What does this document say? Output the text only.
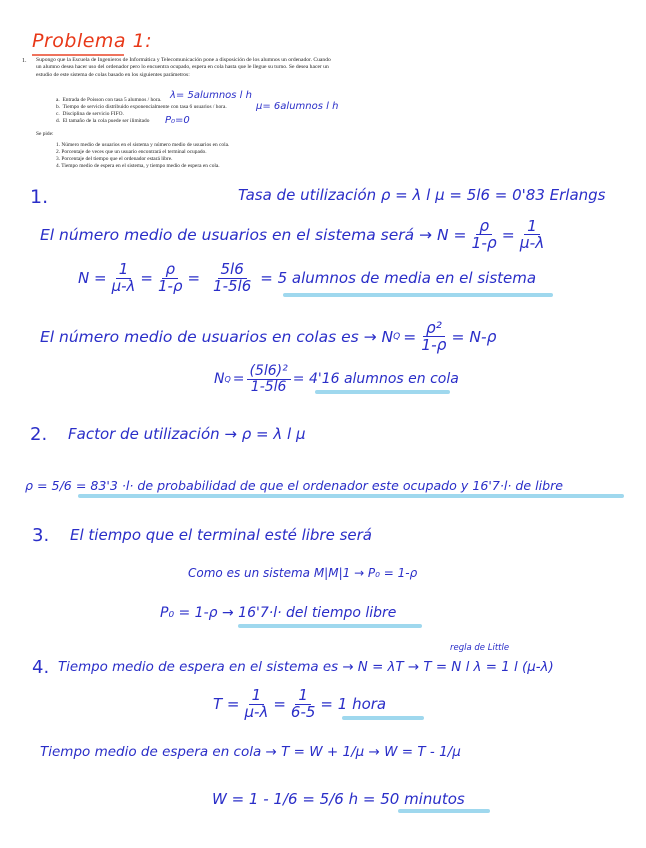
Problema 1:
1. Supongo que la Escuela de Ingenieros de Informática y Telecomunicación pone a disposición de los alumnos un ordenador. Cuando un alumno desea hacer uso del ordenador pero lo encuentra ocupado, espera en cola hasta que le llegue su turno. Se desea hacer un estudio de este sistema de colas basado en los siguientes parámetros:

a. Entrada de Poisson con tasa 5 alumnos / hora. λ= 5alumnos l h
b. Tiempo de servicio distribuido exponencialmente con tasa 6 usuarios / hora.	μ= 6alumnos l h
c. Disciplina de servicio FIFO.
d. El tamaño de la cola puede ser ilimitado P₀=0
Se pide:
1. Número medio de usuarios en el sistema y número medio de usuarios en cola.
2. Porcentaje de veces que un usuario encontrará el terminal ocupado.
3. Porcentaje del tiempo que el ordenador estará libre.
4. Tiempo medio de espera en el sistema, y tiempo medio de espera en cola.
1.	Tasa de utilización ρ = λ l μ = 5l6 = 0'83 Erlangs
El número medio de usuarios en el sistema será → $N = \frac{\rho}{1-\rho} = \frac{1}{\mu-\lambda}$
$N = \frac{1}{\mu-\lambda} = \frac{\rho}{1-\rho} = \frac{5l6}{1-5l6} = 5$ alumnos de media en el sistema
El número medio de usuarios en colas es → N $Q = \frac{\text{ρ²}}{1-\rho} = N-\rho$
N $Q = \frac{\text{(5l6)²}}{1-5l6} = 4'16$ alumnos en cola
2. Factor de utilización → ρ = λ l μ
ρ = 5/6 = 83'3 ·l· de probabilidad de que el ordenador este ocupado y 16'7·l· de libre
3. El tiempo que el terminal esté libre será
Como es un sistema M|M|1 → P₀ = 1-ρ
P₀ = 1-ρ → 16'7·l· del tiempo libre
regla de Little
4. Tiempo medio de espera en el sistema es → N = λT → T = N l λ = 1 l (μ-λ)
$T = \frac{1}{\mu-\lambda} = \frac{1}{6-5} = 1$ hora
Tiempo medio de espera en cola → T = W + 1/μ → W = T - 1/μ
W = 1 - 1/6 = 5/6 h = 50 minutos
